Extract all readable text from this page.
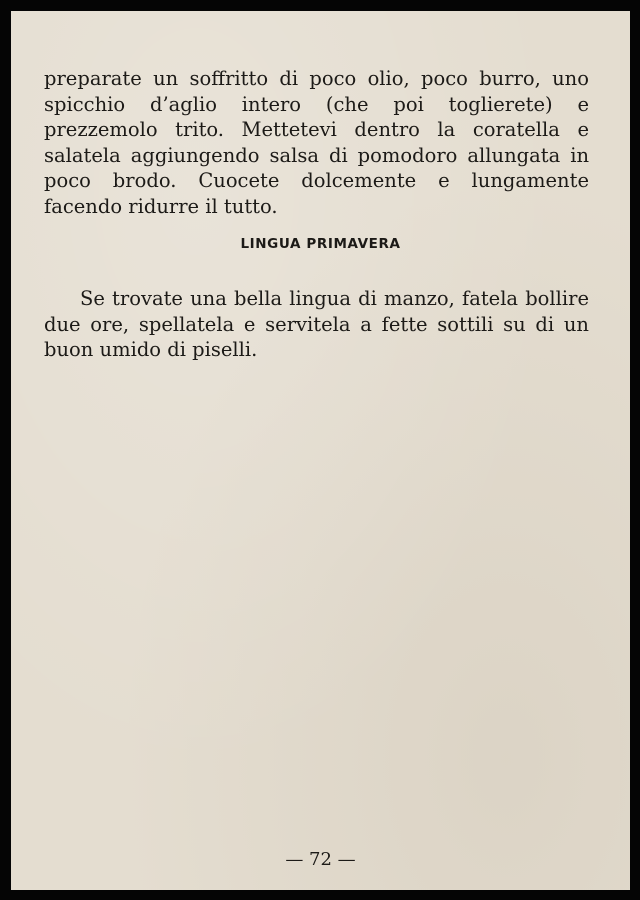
preparate un soffritto di poco olio, poco burro, uno spicchio d’aglio intero (che poi toglierete) e prezzemolo trito. Mettetevi dentro la coratella e salatela aggiungendo salsa di pomodoro allungata in poco brodo. Cuocete dolcemente e lungamente facendo ridurre il tutto.

LINGUA PRIMAVERA

Se trovate una bella lingua di manzo, fatela bollire due ore, spellatela e servitela a fette sottili su di un buon umido di piselli.

— 72 —
